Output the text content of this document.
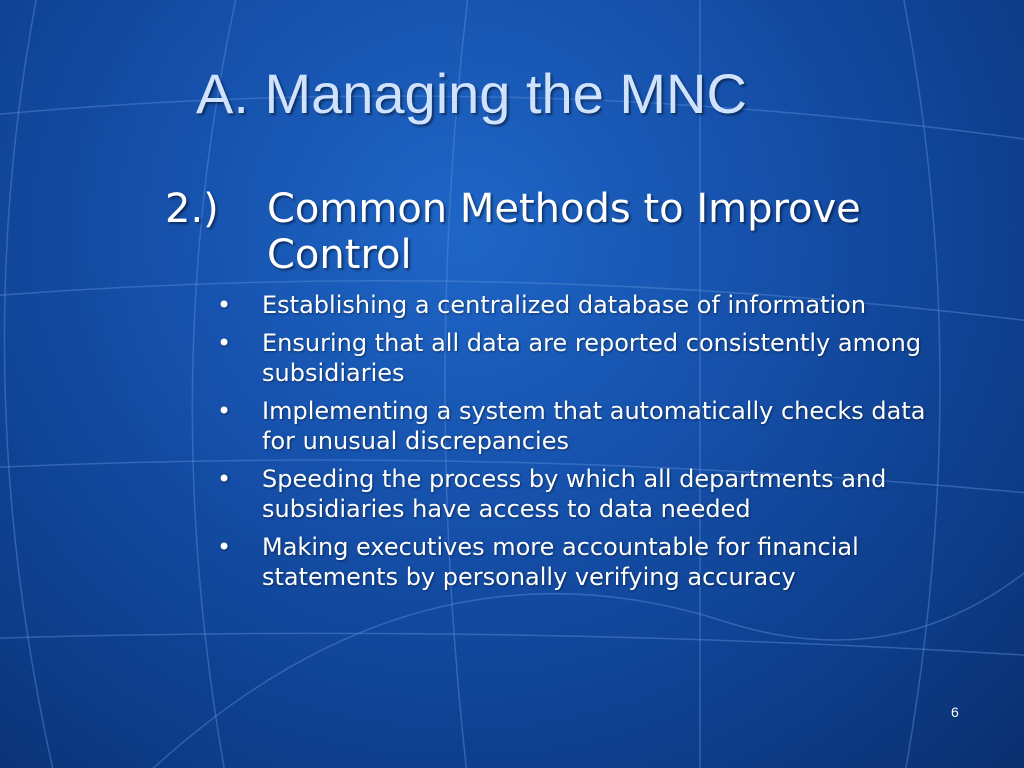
A. Managing the MNC
2.) Common Methods to Improve
Control
•	Establishing a centralized database of information
•	Ensuring that all data are reported consistently among subsidiaries
•	Implementing a system that automatically checks data for unusual discrepancies
•	Speeding the process by which all departments and subsidiaries have access to data needed
•	Making executives more accountable for financial statements by personally verifying accuracy
6
